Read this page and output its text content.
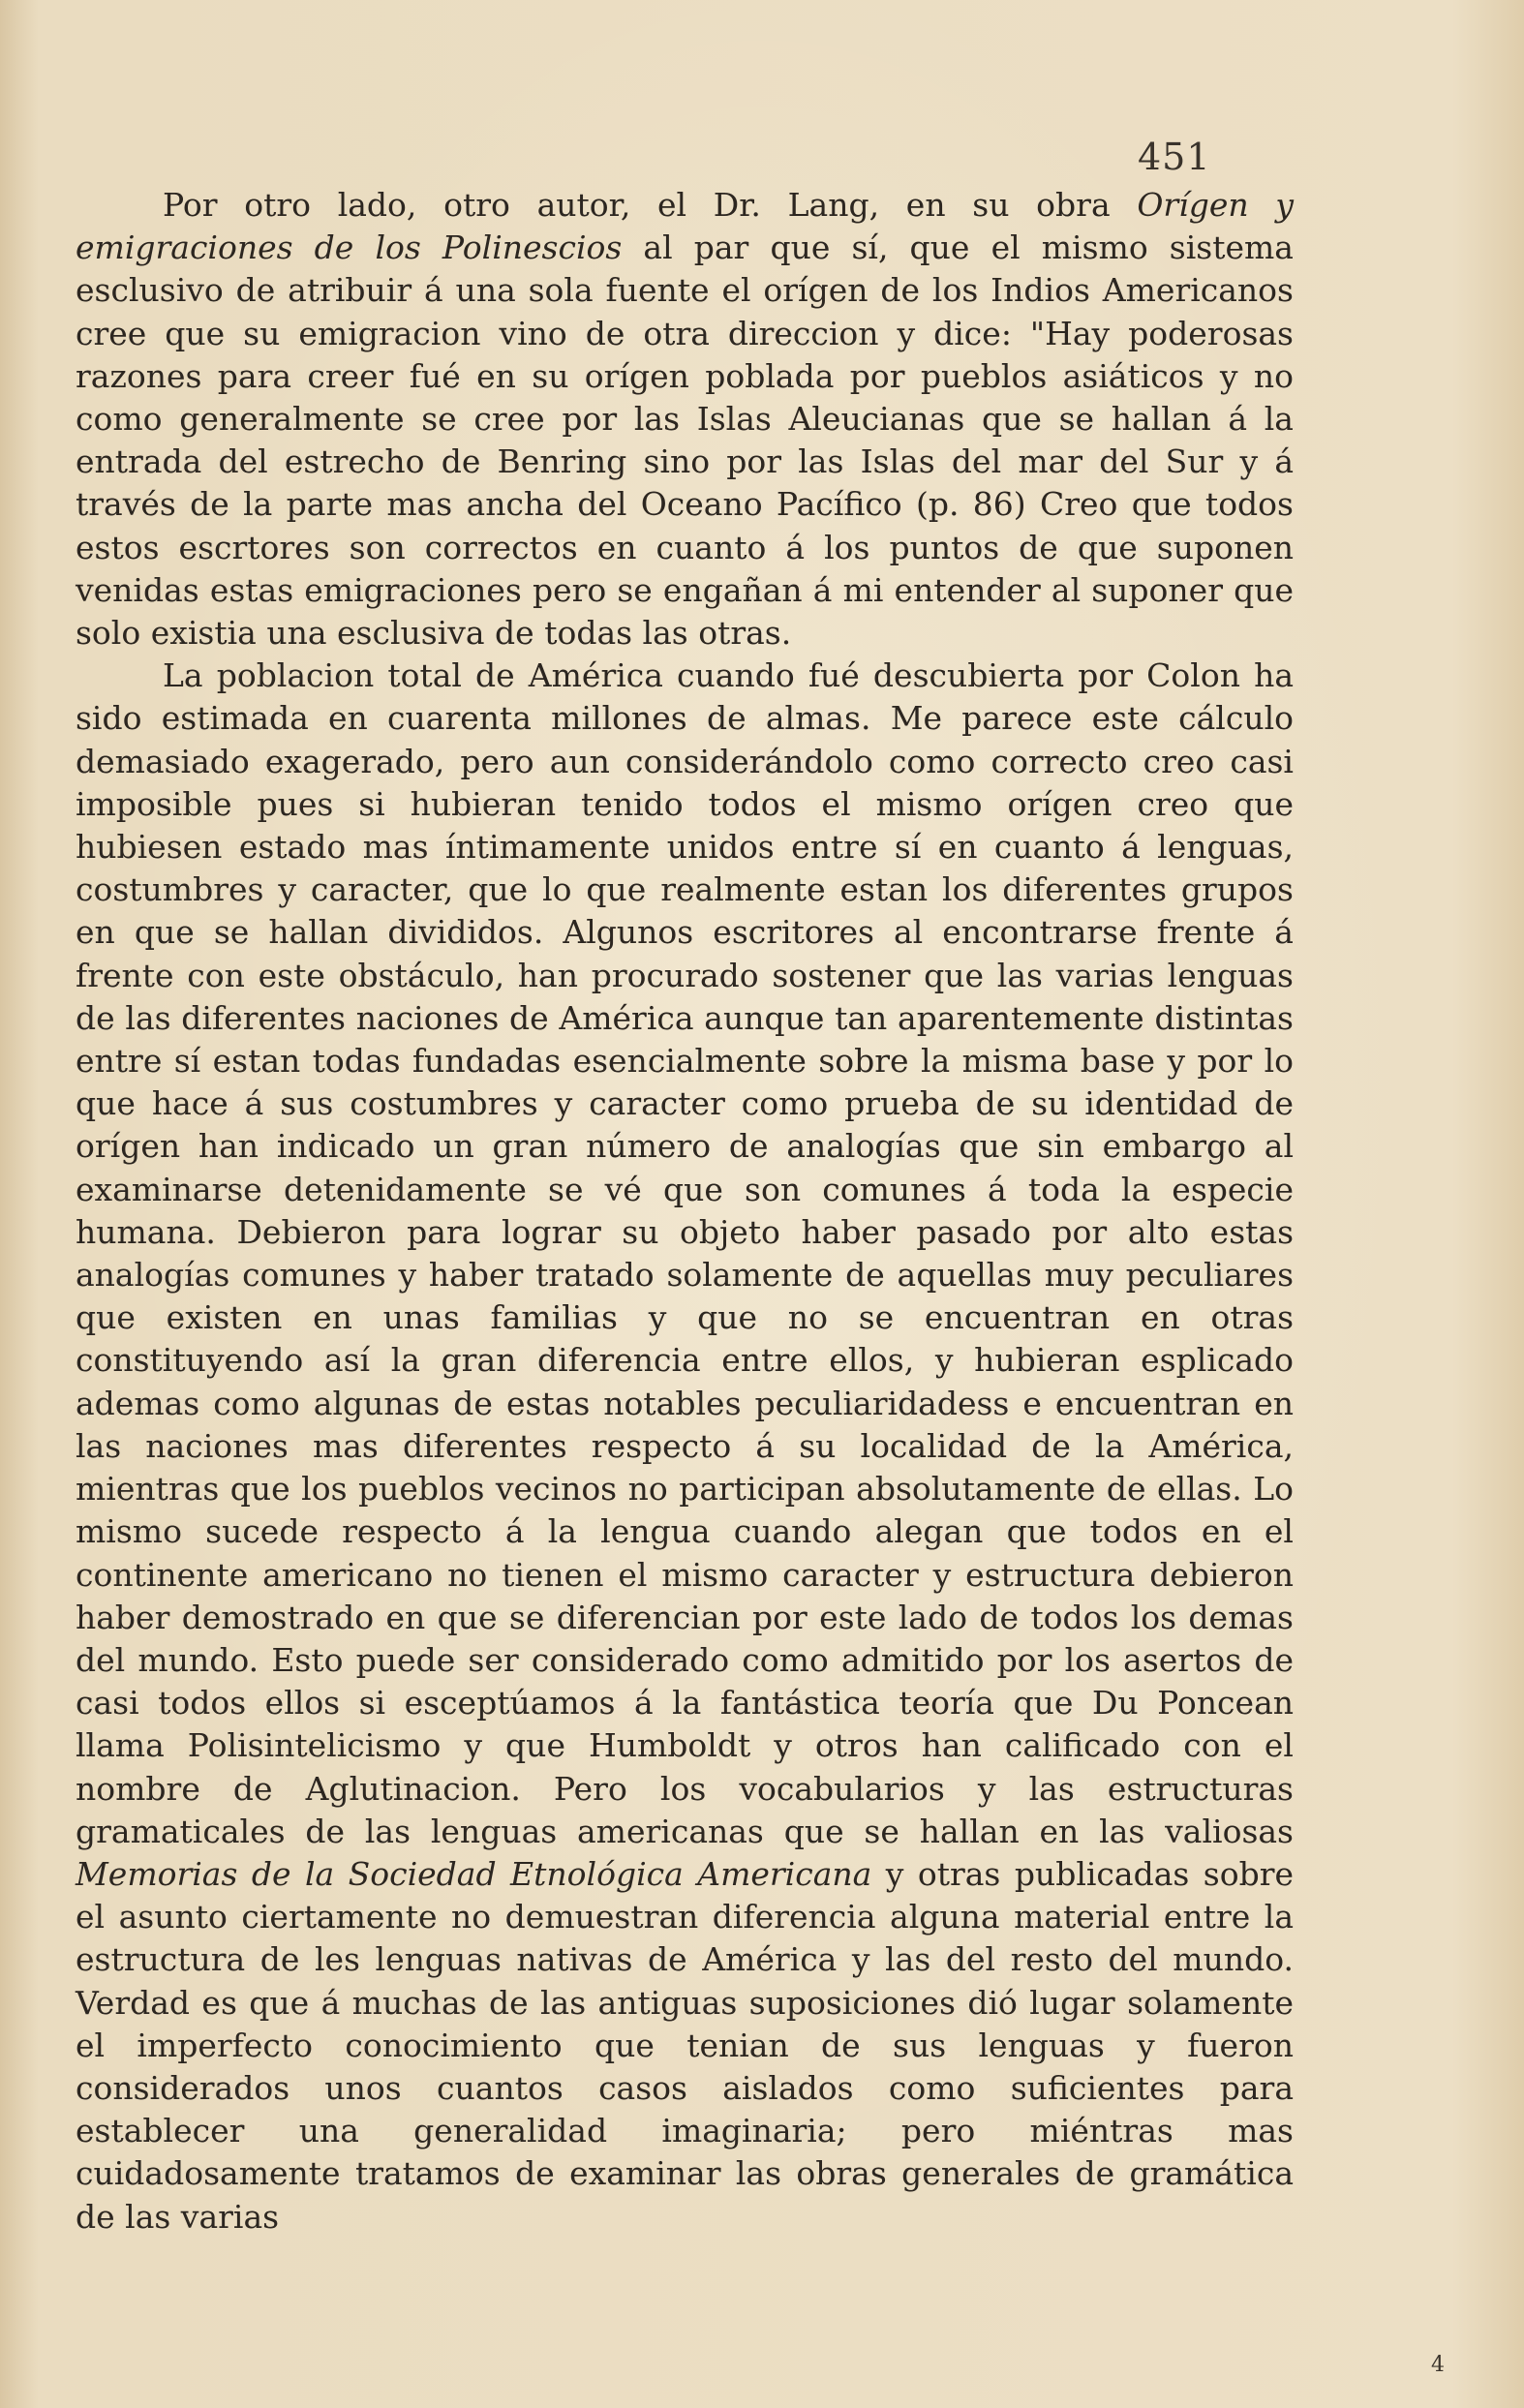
451

Por otro lado, otro autor, el Dr. Lang, en su obra Orígen y emigraciones de los Polinescios al par que sí, que el mismo sistema esclusivo de atribuir á una sola fuente el orígen de los Indios Americanos cree que su emigracion vino de otra direccion y dice: "Hay poderosas razones para creer fué en su orígen poblada por pueblos asiáticos y no como generalmente se cree por las Islas Aleucianas que se hallan á la entrada del estrecho de Benring sino por las Islas del mar del Sur y á través de la parte mas ancha del Oceano Pacífico (p. 86) Creo que todos estos escrtores son correctos en cuanto á los puntos de que suponen venidas estas emigraciones pero se engañan á mi entender al suponer que solo existia una esclusiva de todas las otras.

La poblacion total de América cuando fué descubierta por Colon ha sido estimada en cuarenta millones de almas. Me parece este cálculo demasiado exagerado, pero aun considerándolo como correcto creo casi imposible pues si hubieran tenido todos el mismo orígen creo que hubiesen estado mas íntimamente unidos entre sí en cuanto á lenguas, costumbres y caracter, que lo que realmente estan los diferentes grupos en que se hallan divididos. Algunos escritores al encontrarse frente á frente con este obstáculo, han procurado sostener que las varias lenguas de las diferentes naciones de América aunque tan aparentemente distintas entre sí estan todas fundadas esencialmente sobre la misma base y por lo que hace á sus costumbres y caracter como prueba de su identidad de orígen han indicado un gran número de analogías que sin embargo al examinarse detenidamente se vé que son comunes á toda la especie humana. Debieron para lograr su objeto haber pasado por alto estas analogías comunes y haber tratado solamente de aquellas muy peculiares que existen en unas familias y que no se encuentran en otras constituyendo así la gran diferencia entre ellos, y hubieran esplicado ademas como algunas de estas notables peculiaridadess e encuentran en las naciones mas diferentes respecto á su localidad de la América, mientras que los pueblos vecinos no participan absolutamente de ellas. Lo mismo sucede respecto á la lengua cuando alegan que todos en el continente americano no tienen el mismo caracter y estructura debieron haber demostrado en que se diferencian por este lado de todos los demas del mundo. Esto puede ser considerado como admitido por los asertos de casi todos ellos si esceptúamos á la fantástica teoría que Du Poncean llama Polisintelicismo y que Humboldt y otros han calificado con el nombre de Aglutinacion. Pero los vocabularios y las estructuras gramaticales de las lenguas americanas que se hallan en las valiosas Memorias de la Sociedad Etnológica Americana y otras publicadas sobre el asunto ciertamente no demuestran diferencia alguna material entre la estructura de les lenguas nativas de América y las del resto del mundo. Verdad es que á muchas de las antiguas suposiciones dió lugar solamente el imperfecto conocimiento que tenian de sus lenguas y fueron considerados unos cuantos casos aislados como suficientes para establecer una generalidad imaginaria; pero miéntras mas cuidadosamente tratamos de examinar las obras generales de gramática de las varias

4
